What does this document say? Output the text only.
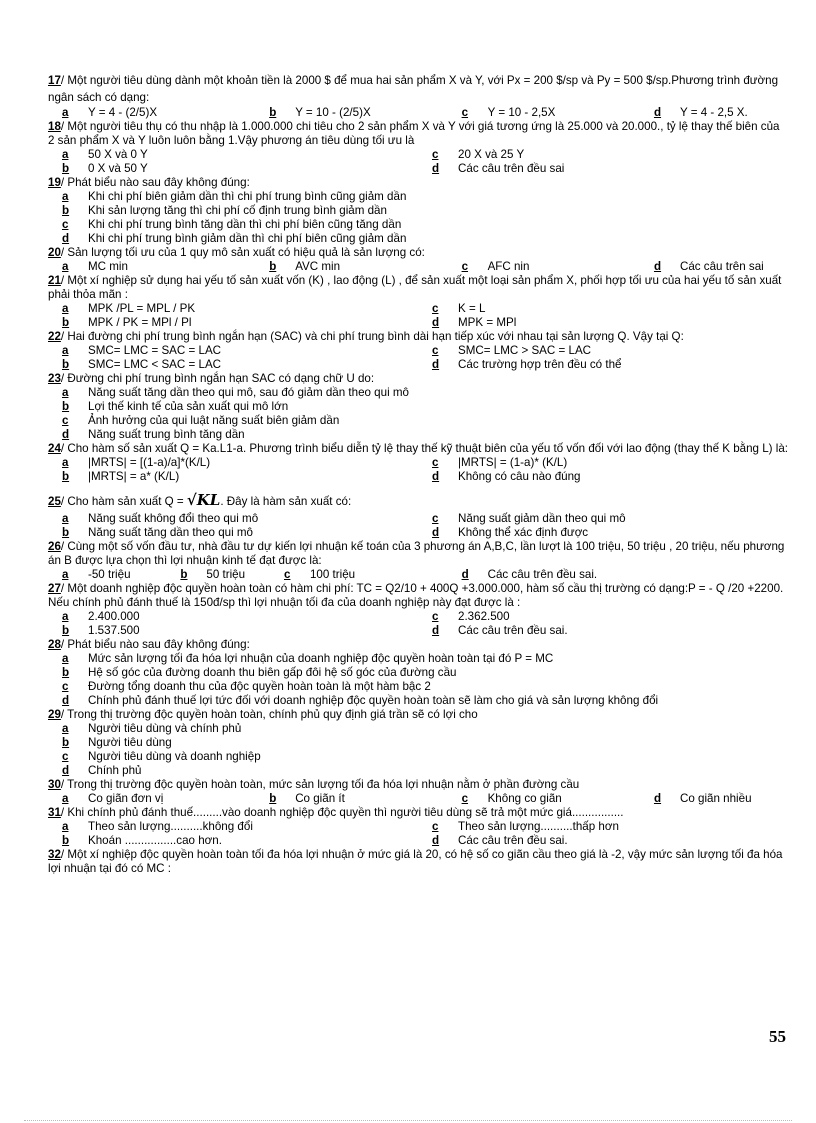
17/ Một người tiêu dùng dành một khoản tiền là 2000 $ để mua hai sản phẩm X và Y, với Px = 200 $/sp và Py = 500 $/sp.Phương trình đường ngân sách có dạng:
a	Y = 4 - (2/5)X	b	Y = 10 - (2/5)X	c	Y = 10 - 2,5X	d	Y = 4 - 2,5 X.
18/ Một người tiêu thụ có thu nhập là 1.000.000 chi tiêu cho 2 sản phẩm X và Y với giá tương ứng là 25.000 và 20.000., tỷ lệ thay thế biên của 2 sản phẩm X và Y luôn luôn bằng 1.Vậy phương án tiêu dùng tối ưu là
a	50 X và 0 Y	c	20 X và 25 Y
b	0 X và 50 Y	d	Các câu trên đều sai
19/ Phát biểu nào sau đây không đúng:
a	Khi chi phí biên giảm dần thì chi phí trung bình cũng giảm dần
b	Khi sản lượng tăng thì chi phí cố định trung bình giảm dần
c	Khi chi phí trung bình tăng dần thì chi phí biên cũng tăng dần
d	Khi chi phí trung bình giảm dần thì chi phí biên cũng giảm dần
20/ Sản lượng tối ưu của 1 quy mô sản xuất có hiệu quả là sản lượng có:
a	MC min	b	AVC min	c	AFC nin	d	Các câu trên sai
21/ Một xí nghiệp sử dụng hai yếu tố sản xuất vốn (K) , lao động (L) , để sản xuất một loại sản phẩm X, phối hợp tối ưu của hai yếu tố sản xuất phải thỏa mãn :
a	MPK /PL = MPL / PK	c	K = L
b	MPK / PK = MPl / Pl	d	MPK = MPl
22/ Hai đường chi phí trung bình ngắn hạn (SAC) và chi phí trung bình dài hạn tiếp xúc với nhau tại sản lượng Q. Vậy tại Q:
a	SMC= LMC = SAC = LAC	c	SMC= LMC > SAC = LAC
b	SMC= LMC < SAC = LAC	d	Các trường hợp trên đều có thể
23/ Đường chi phí trung bình ngắn hạn SAC có dạng chữ U do:
a	Năng suất tăng dần theo qui mô, sau đó giảm dần theo qui mô
b	Lợi thế kinh tế của sản xuất qui mô lớn
c	Ảnh hưởng của qui luật năng suất biên giảm dần
d	Năng suất trung bình tăng dần
24/ Cho hàm số sản xuất Q = Ka.L1-a. Phương trình biểu diễn tỷ lệ thay thế kỹ thuật biên của yếu tố vốn đối với lao động (thay thế K bằng L) là:
a	|MRTS| = [(1-a)/a]*(K/L)	c	|MRTS| = (1-a)* (K/L)
b	|MRTS| = a* (K/L)	d	Không có câu nào đúng
25/ Cho hàm sản xuất Q = √KL. Đây là hàm sản xuất có:
a	Năng suất không đổi theo qui mô	c	Năng suất giảm dần theo qui mô
b	Năng suất tăng dần theo qui mô	d	Không thể xác định được
26/ Cùng một số vốn đầu tư, nhà đầu tư dự kiến lợi nhuận kế toán của 3 phương án A,B,C, lần lượt là 100 triệu, 50 triệu , 20 triệu, nếu phương án B được lựa chọn thì lợi nhuận kinh tế đạt được là:
a	-50 triệu	b	50 triệu	c	100 triệu	d	Các câu trên đều sai.
27/ Một doanh nghiệp độc quyền hoàn toàn có hàm chi phí: TC = Q2/10 + 400Q +3.000.000, hàm số cầu thị trường có dạng:P = - Q /20 +2200. Nếu chính phủ đánh thuế là 150đ/sp thì lợi nhuận tối đa của doanh nghiệp này đạt được là :
a	2.400.000	c	2.362.500
b	1.537.500	d	Các câu trên đều sai.
28/ Phát biểu nào sau đây không đúng:
a	Mức sản lượng tối đa hóa lợi nhuận của doanh nghiệp độc quyền hoàn toàn tại đó P = MC
b	Hệ số góc của đường doanh thu biên gấp đôi hệ số góc của đường cầu
c	Đường tổng doanh thu của độc quyền hoàn toàn là một hàm bậc 2
d	Chính phủ đánh thuế lợi tức đối với doanh nghiệp độc quyền hoàn toàn sẽ làm cho giá và sản lượng không đổi
29/ Trong thị trường độc quyền hoàn toàn, chính phủ quy định giá trần sẽ có lợi cho
a	Người tiêu dùng và chính phủ
b	Người tiêu dùng
c	Người tiêu dùng và doanh nghiệp
d	Chính phủ
30/ Trong thị trường độc quyền hoàn toàn, mức sản lượng tối đa hóa lợi nhuận nằm ở phần đường cầu
a	Co giãn đơn vị	b	Co giãn ít	c	Không co giãn	d	Co giãn nhiều
31/ Khi chính phủ đánh thuế.........vào doanh nghiệp độc quyền thì người tiêu dùng sẽ trả một mức giá................
a	Theo sản lượng..........không đổi	c	Theo sản lượng..........thấp hơn
b	Khoán ................cao hơn.	d	Các câu trên đều sai.
32/ Một xí nghiệp độc quyền hoàn toàn tối đa hóa lợi nhuận ở mức giá là 20, có hệ số co giãn cầu theo giá là -2, vậy mức sản lượng tối đa hóa lợi nhuận tại đó có MC :
55
